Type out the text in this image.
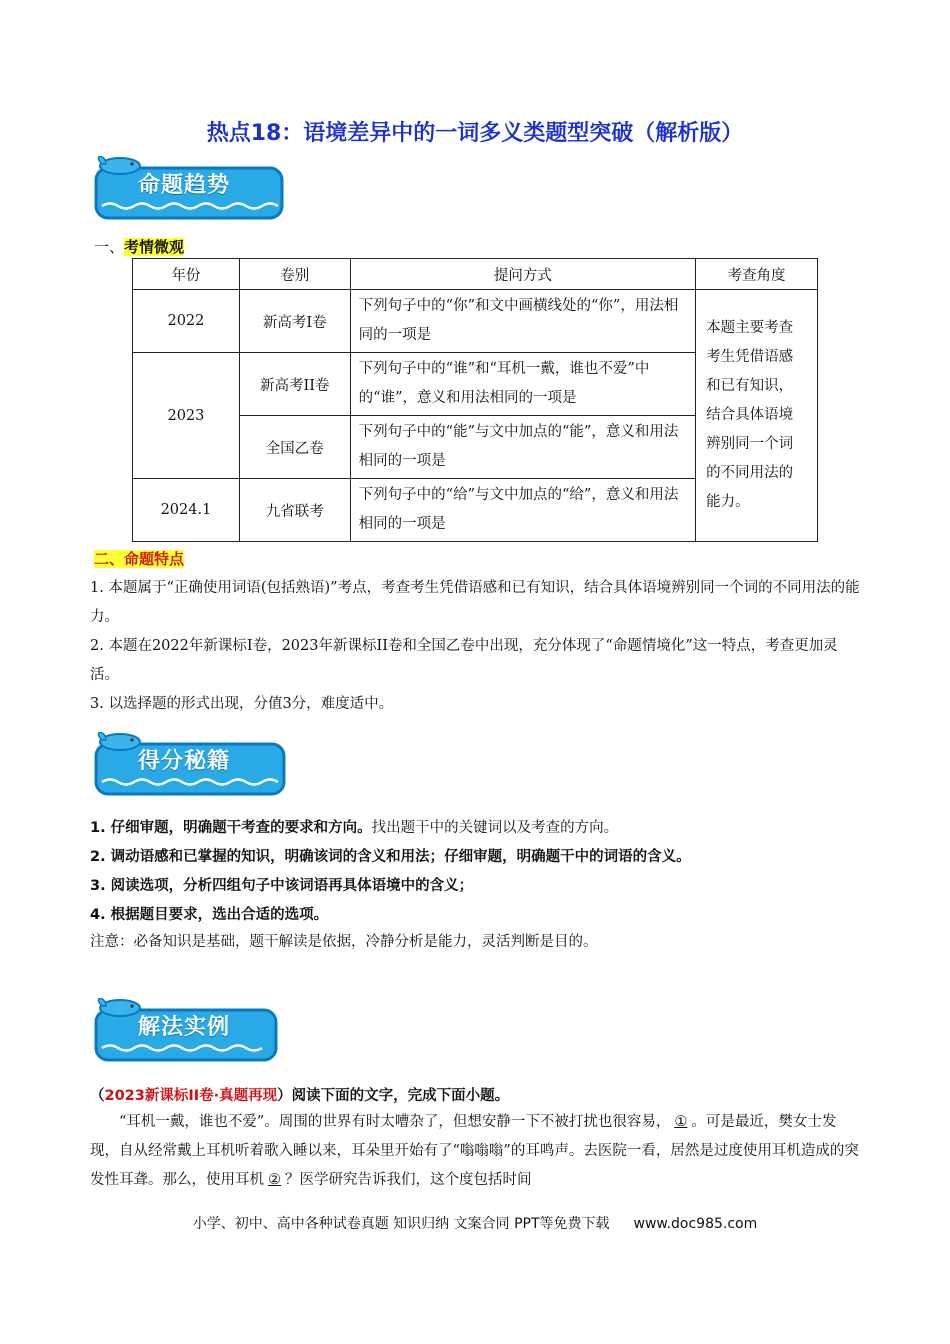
热点18：语境差异中的一词多义类题型突破（解析版）
命题趋势
一、考情微观
年份	卷别	提问方式	考查角度
2022	新高考I卷	下列句子中的“你”和文中画横线处的“你”，用法相同的一项是	本题主要考查考生凭借语感和已有知识，结合具体语境辨别同一个词的不同用法的能力。
2023	新高考II卷	下列句子中的“谁”和“耳机一戴，谁也不爱”中的“谁”，意义和用法相同的一项是	
	全国乙卷	下列句子中的“能”与文中加点的“能”，意义和用法相同的一项是	
2024.1	九省联考	下列句子中的“给”与文中加点的“给”，意义和用法相同的一项是	
二、命题特点
1. 本题属于“正确使用词语(包括熟语)”考点，考查考生凭借语感和已有知识，结合具体语境辨别同一个词的不同用法的能力。
2. 本题在2022年新课标I卷，2023年新课标II卷和全国乙卷中出现，充分体现了“命题情境化”这一特点，考查更加灵活。
3. 以选择题的形式出现，分值3分，难度适中。
得分秘籍
1. 仔细审题，明确题干考查的要求和方向。找出题干中的关键词以及考查的方向。
2. 调动语感和已掌握的知识，明确该词的含义和用法；仔细审题，明确题干中的词语的含义。
3. 阅读选项，分析四组句子中该词语再具体语境中的含义；
4. 根据题目要求，选出合适的选项。
注意：必备知识是基础，题干解读是依据，冷静分析是能力，灵活判断是目的。
解法实例
（2023新课标II卷·真题再现）阅读下面的文字，完成下面小题。
“耳机一戴，谁也不爱”。周围的世界有时太嘈杂了，但想安静一下不被打扰也很容易， ① 。可是最近，樊女士发现，自从经常戴上耳机听着歌入睡以来，耳朵里开始有了“嗡嗡嗡”的耳鸣声。去医院一看，居然是过度使用耳机造成的突发性耳聋。那么，使用耳机 ② ？医学研究告诉我们，这个度包括时间
小学、初中、高中各种试卷真题 知识归纳 文案合同 PPT等免费下载 www.doc985.com
